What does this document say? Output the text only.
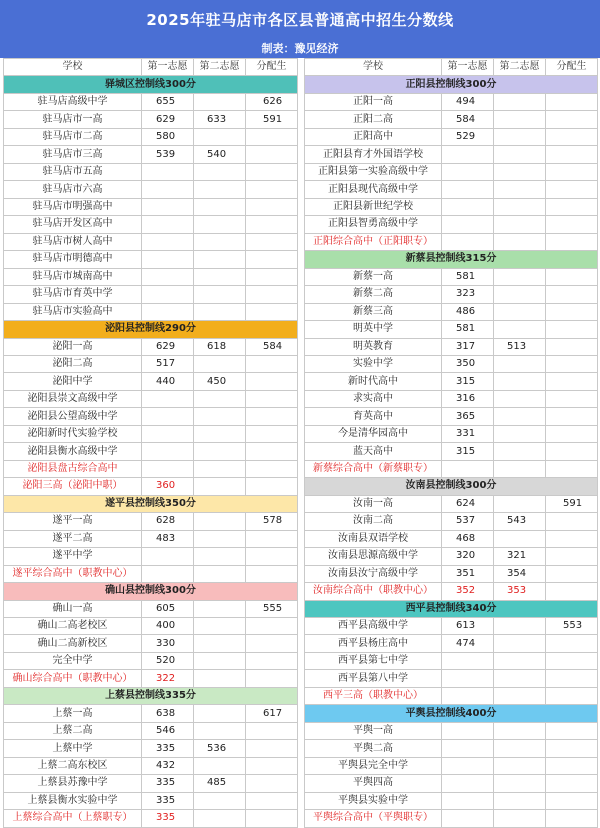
2025年驻马店市各区县普通高中招生分数线
制表：豫见经济
学校	第一志愿	第二志愿	分配生
驿城区控制线300分			
驻马店高级中学	655		626
驻马店市一高	629	633	591
驻马店市二高	580		
驻马店市三高	539	540	
驻马店市五高			
驻马店市六高			
驻马店市明强高中			
驻马店开发区高中			
驻马店市树人高中			
驻马店市明德高中			
驻马店市城南高中			
驻马店市育英中学			
驻马店市实验高中			
泌阳县控制线290分			
泌阳一高	629	618	584
泌阳二高	517		
泌阳中学	440	450	
泌阳县崇文高级中学			
泌阳县公望高级中学			
泌阳新时代实验学校			
泌阳县衡水高级中学			
泌阳县盘古综合高中			
泌阳三高（泌阳中职）	360		
遂平县控制线350分			
遂平一高	628		578
遂平二高	483		
遂平中学			
遂平综合高中（职教中心）			
确山县控制线300分			
确山一高	605		555
确山二高老校区	400		
确山二高新校区	330		
完全中学	520		
确山综合高中（职教中心）	322		
上蔡县控制线335分			
上蔡一高	638		617
上蔡二高	546		
上蔡中学	335	536	
上蔡二高东校区	432		
上蔡县苏豫中学	335	485	
上蔡县衡水实验中学	335		
上蔡综合高中（上蔡职专）	335		
学校	第一志愿	第二志愿	分配生
正阳县控制线300分			
正阳一高	494		
正阳二高	584		
正阳高中	529		
正阳县育才外国语学校			
正阳县第一实验高级中学			
正阳县现代高级中学			
正阳县新世纪学校			
正阳县智勇高级中学			
正阳综合高中（正阳职专）			
新蔡县控制线315分			
新蔡一高	581		
新蔡二高	323		
新蔡三高	486		
明英中学	581		
明英教育	317	513	
实验中学	350		
新时代高中	315		
求实高中	316		
育英高中	365		
今是清华园高中	331		
蓝天高中	315		
新蔡综合高中（新蔡职专）			
汝南县控制线300分			
汝南一高	624		591
汝南二高	537	543	
汝南县双语学校	468		
汝南县思源高级中学	320	321	
汝南县汝宁高级中学	351	354	
汝南综合高中（职教中心）	352	353	
西平县控制线340分			
西平县高级中学	613		553
西平县杨庄高中	474		
西平县第七中学			
西平县第八中学			
西平三高（职教中心）			
平舆县控制线400分			
平舆一高			
平舆二高			
平舆县完全中学			
平舆四高			
平舆县实验中学			
平舆综合高中（平舆职专）			
